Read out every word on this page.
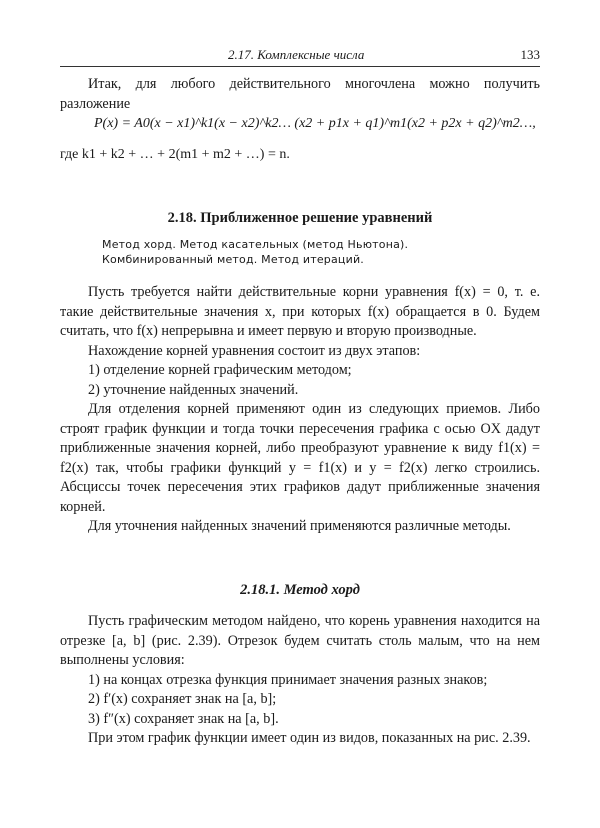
2.17. Комплексные числа	133

Итак, для любого действительного многочлена можно получить разложение

P(x) = A0(x − x1)^k1(x − x2)^k2… (x2 + p1x + q1)^m1(x2 + p2x + q2)^m2…,
где k1 + k2 + … + 2(m1 + m2 + …) = n.
2.18. Приближенное решение уравнений
Метод хорд. Метод касательных (метод Ньютона). Комбинированный метод. Метод итераций.

Пусть требуется найти действительные корни уравнения f(x) = 0, т. е. такие действительные значения x, при которых f(x) обращается в 0. Будем считать, что f(x) непрерывна и имеет первую и вторую производные.

Нахождение корней уравнения состоит из двух этапов:

1) отделение корней графическим методом;

2) уточнение найденных значений.

Для отделения корней применяют один из следующих приемов. Либо строят график функции и тогда точки пересечения графика с осью OX дадут приближенные значения корней, либо преобразуют уравнение к виду f1(x) = f2(x) так, чтобы графики функций y = f1(x) и y = f2(x) легко строились. Абсциссы точек пересечения этих графиков дадут приближенные значения корней.

Для уточнения найденных значений применяются различные методы.

2.18.1. Метод хорд

Пусть графическим методом найдено, что корень уравнения находится на отрезке [a, b] (рис. 2.39). Отрезок будем считать столь малым, что на нем выполнены условия:

1) на концах отрезка функция принимает значения разных знаков;

2) f′(x) сохраняет знак на [a, b];

3) f″(x) сохраняет знак на [a, b].

При этом график функции имеет один из видов, показанных на рис. 2.39.
